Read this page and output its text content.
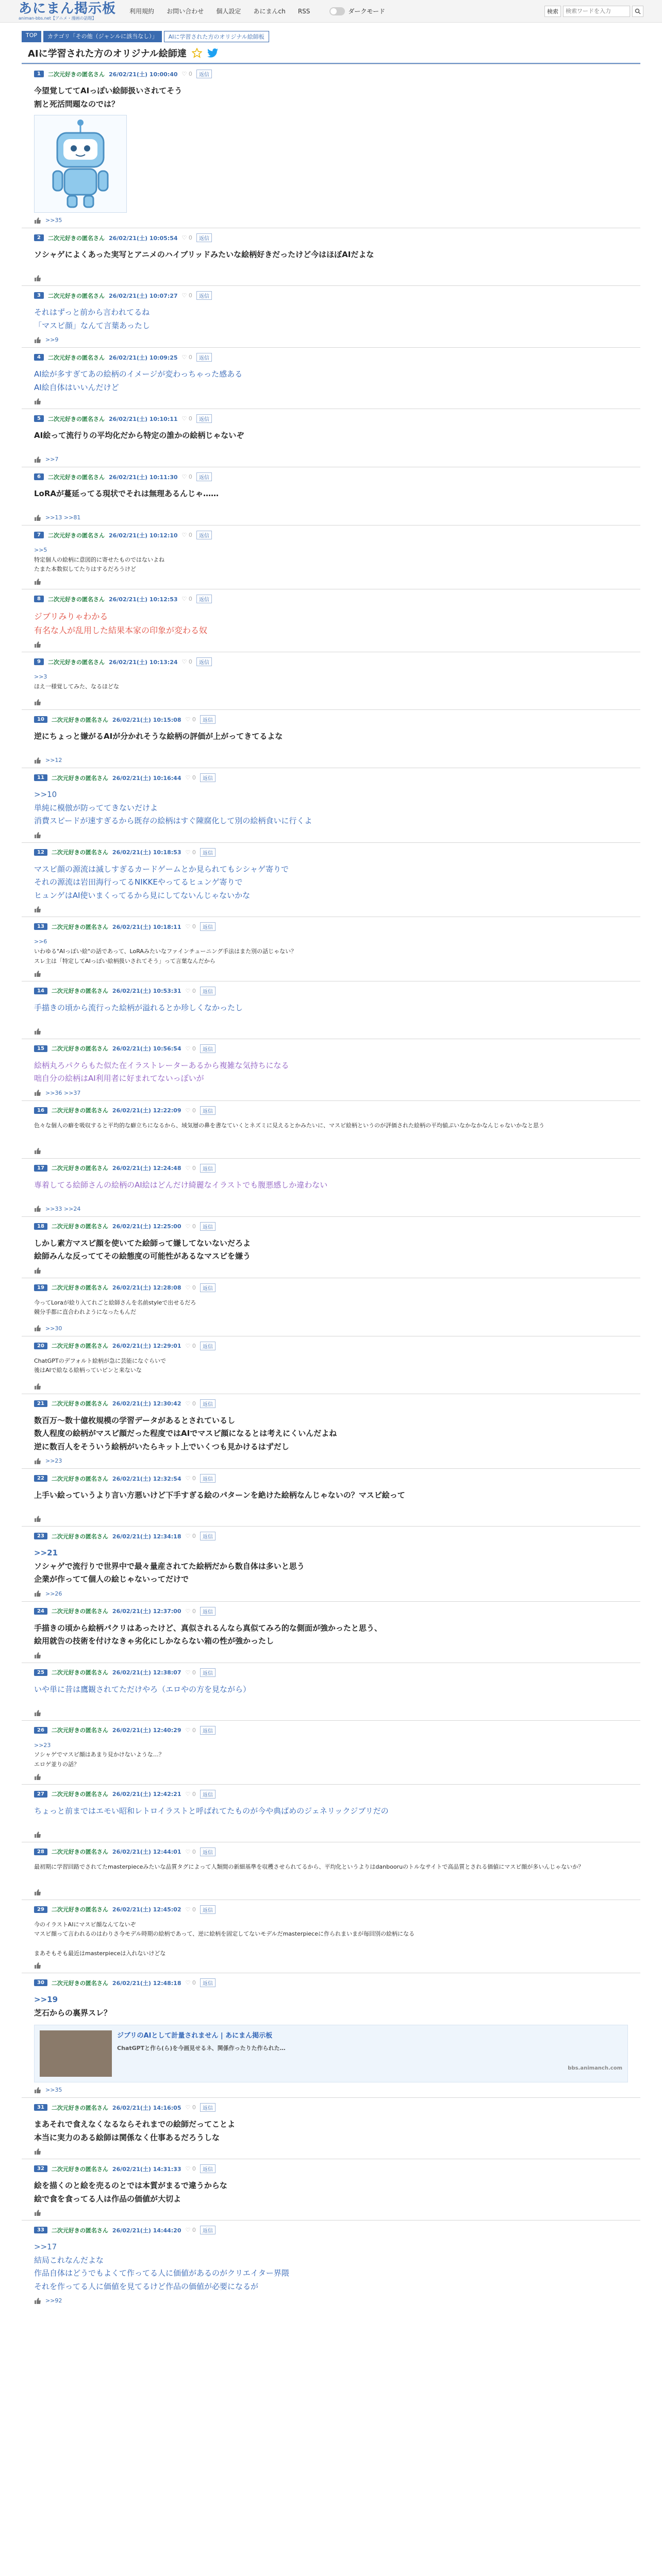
あにまん掲示板
animan-bbs.net【アニメ・漫画の話題】
利用規約 お問い合わせ 個人設定 あにまんch RSS	ダークモード	検索
検索ワードを入力
TOP	カテゴリ「その他（ジャンルに該当なし）」	AIに学習された方のオリジナル絵師板
AIに学習された方のオリジナル絵師達
1	二次元好きの匿名さん 26/02/21(土) 10:00:40 ♡ 0	返信
今望覚しててAIっぽい絵師扱いされてそう
割と死活問題なのでは？
>>35
2	二次元好きの匿名さん 26/02/21(土) 10:05:54 ♡ 0	返信
ソシャゲによくあった実写とアニメのハイブリッドみたいな絵柄好きだったけど今はほぼAIだよな
3	二次元好きの匿名さん 26/02/21(土) 10:07:27 ♡ 0	返信
それはずっと前から言われてるね
「マスピ顔」なんて言葉あったし
>>9
4	二次元好きの匿名さん 26/02/21(土) 10:09:25 ♡ 0	返信
AI絵が多すぎてあの絵柄のイメージが変わっちゃった感ある
AI絵自体はいいんだけど
5	二次元好きの匿名さん 26/02/21(土) 10:10:11 ♡ 0	返信
AI絵って流行りの平均化だから特定の誰かの絵柄じゃないぞ
>>7
6	二次元好きの匿名さん 26/02/21(土) 10:11:30 ♡ 0	返信
LoRAが蔓延ってる現状でそれは無理あるんじゃ……
>>13 >>81
7	二次元好きの匿名さん 26/02/21(土) 10:12:10 ♡ 0	返信
>>5
特定個人の絵柄に意図的に寄せたものではないよね
たまた本数似してたりはするだろうけど
8	二次元好きの匿名さん 26/02/21(土) 10:12:53 ♡ 0	返信
ジブリみりゃわかる
有名な人が乱用した結果本家の印象が変わる奴
9	二次元好きの匿名さん 26/02/21(土) 10:13:24 ♡ 0	返信
>>3
ほえ一様覚してみた、なるほどな
10	二次元好きの匿名さん 26/02/21(土) 10:15:08 ♡ 0	返信
逆にちょっと嫌がるAIが分かれそうな絵柄の評価が上がってきてるよな
>>12
11	二次元好きの匿名さん 26/02/21(土) 10:16:44 ♡ 0	返信
>>10
単純に模倣が防っててきないだけよ
消費スピードが速すぎるから既存の絵柄はすぐ陳腐化して別の絵柄食いに行くよ
12	二次元好きの匿名さん 26/02/21(土) 10:18:53 ♡ 0	返信
マスピ顔の源流は滅しすぎるカードゲームとか見られてもシシャゲ寄りで
それの源流は岩田海行ってるNIKKEやってるヒュンゲ寄りで
ヒュンゲはAI使いまくってるから見にしてないんじゃないかな
13	二次元好きの匿名さん 26/02/21(土) 10:18:11 ♡ 0	返信
>>6
いわゆる"AIっぽい絵"の話であって、LoRAみたいなファインチューニング手法はまた別の話じゃない？
スレ主は「特定してAIっぽい絵柄扱いされてそう」って言葉なんだから
14	二次元好きの匿名さん 26/02/21(土) 10:53:31 ♡ 0	返信
手描きの頃から流行った絵柄が溢れるとか珍しくなかったし
15	二次元好きの匿名さん 26/02/21(土) 10:56:54 ♡ 0	返信
絵柄丸ろパクらもた似た在イラストレーターあるから複雑な気持ちになる
咄自分の絵柄はAI利用者に好まれてないっぽいが
>>36 >>37
16	二次元好きの匿名さん 26/02/21(土) 12:22:09 ♡ 0	返信
色々な個人の癖を吸収すると平均的な癖立ちになるから、域気層の鼻を書なていくとネズミに見えるとかみたいに、マスピ絵柄というのが評価された絵柄の平均値ぷいなかなかなんじゃないかなと思う
17	二次元好きの匿名さん 26/02/21(土) 12:24:48 ♡ 0	返信
専着してる絵師さんの絵柄のAI絵はどんだけ綺麗なイラストでも腹悪感しか違わない
>>33 >>24
18	二次元好きの匿名さん 26/02/21(土) 12:25:00 ♡ 0	返信
しかし素方マスピ顔を使いてた絵師って嫌してないないだろよ
絵師みんな反っててその絵態度の可能性があるなマスピを嫌う
19	二次元好きの匿名さん 26/02/21(土) 12:28:08 ♡ 0	返信
今ってLoraが絵り入てれごと絵師さんを名前styleで出せるだろ
競分手都に直合われようになったもんだ
>>30
20	二次元好きの匿名さん 26/02/21(土) 12:29:01 ♡ 0	返信
ChatGPTのデフォルト絵柄が急に芸能になぐらいで
後はAIで絵なる絵柄っていピンと来ないな
21	二次元好きの匿名さん 26/02/21(土) 12:30:42 ♡ 0	返信
数百万～数十億枚規模の学習データがあるとされているし
数人程度の絵柄がマスピ顔だった程度ではAIでマスピ顔になるとは考えにくいんだよね
逆に数百人をそういう絵柄がいたらキット上でいくつも見かけるはずだし
>>23
22	二次元好きの匿名さん 26/02/21(土) 12:32:54 ♡ 0	返信
上手い絵っていうより言い方悪いけど下手すぎる絵のパターンを絶けた絵柄なんじゃないの？マスピ絵って
23	二次元好きの匿名さん 26/02/21(土) 12:34:18 ♡ 0	返信
>>21
ソシャゲで流行りで世界中で最々量産されてた絵柄だから数自体は多いと思う
企業が作ってて個人の絵じゃないってだけで
>>26
24	二次元好きの匿名さん 26/02/21(土) 12:37:00 ♡ 0	返信
手描きの頃から絵柄パクリはあったけど、真似されるんなら真似てみろ的な側面が強かったと思う、
絵用就告の技術を付けなきゃ劣化にしかならない箱の性が強かったし
25	二次元好きの匿名さん 26/02/21(土) 12:38:07 ♡ 0	返信
いや単に昔は鷹観されてただけやろ（エロやの方を見ながら）
26	二次元好きの匿名さん 26/02/21(土) 12:40:29 ♡ 0	返信
>>23
ソシャゲでマスピ顔はあまり見かけないような…？
エロゲ並りの話？
27	二次元好きの匿名さん 26/02/21(土) 12:42:21 ♡ 0	返信
ちょっと前まではエモい昭和レトロイラストと呼ばれてたものが今や典ばめのジェネリックジブリだの
28	二次元好きの匿名さん 26/02/21(土) 12:44:01 ♡ 0	返信
最初期に学習回路でされてたmasterpieceみたいな品質タグによって人類間の新細基準を収穫させられてるから、平均化というよりはdanbooruのトルなサイトで高品質とされる価値にマスピ顔が多いんじゃないか？
29	二次元好きの匿名さん 26/02/21(土) 12:45:02 ♡ 0	返信
今のイラストAIにマスピ顔なんてないぞ
マスピ顔って言われるのはわりさ今モデル時期の絵柄であって、逆に絵柄を固定してないモデルだmasterpieceに作られまいまが毎回別の絵柄になる

まあそもそも最近はmasterpieceは入れないけどな
30	二次元好きの匿名さん 26/02/21(土) 12:48:18 ♡ 0	返信
>>19
芝石からの裏界スレ？
ジブリのAIとして計量されません | あにまん掲示板
ChatGPTと作ら(ら)を今画見せるネ、関係作ったりた作られた…
bbs.animanch.com
>>35
31	二次元好きの匿名さん 26/02/21(土) 14:16:05 ♡ 0	返信
まあそれで食えなくなるならそれまでの絵師だってことよ
本当に実力のある絵師は関係なく仕事あるだろうしな
32	二次元好きの匿名さん 26/02/21(土) 14:31:33 ♡ 0	返信
絵を描くのと絵を売るのとでは本質がまるで違うからな
絵で食を食ってる人は作品の価値が大切よ
33	二次元好きの匿名さん 26/02/21(土) 14:44:20 ♡ 0	返信
>>17
結局これなんだよな
作品自体はどうでもよくて作ってる人に価値があるのがクリエイター界隈
それを作ってる人に価値を見てるけど作品の価値が必要になるが
>>92
